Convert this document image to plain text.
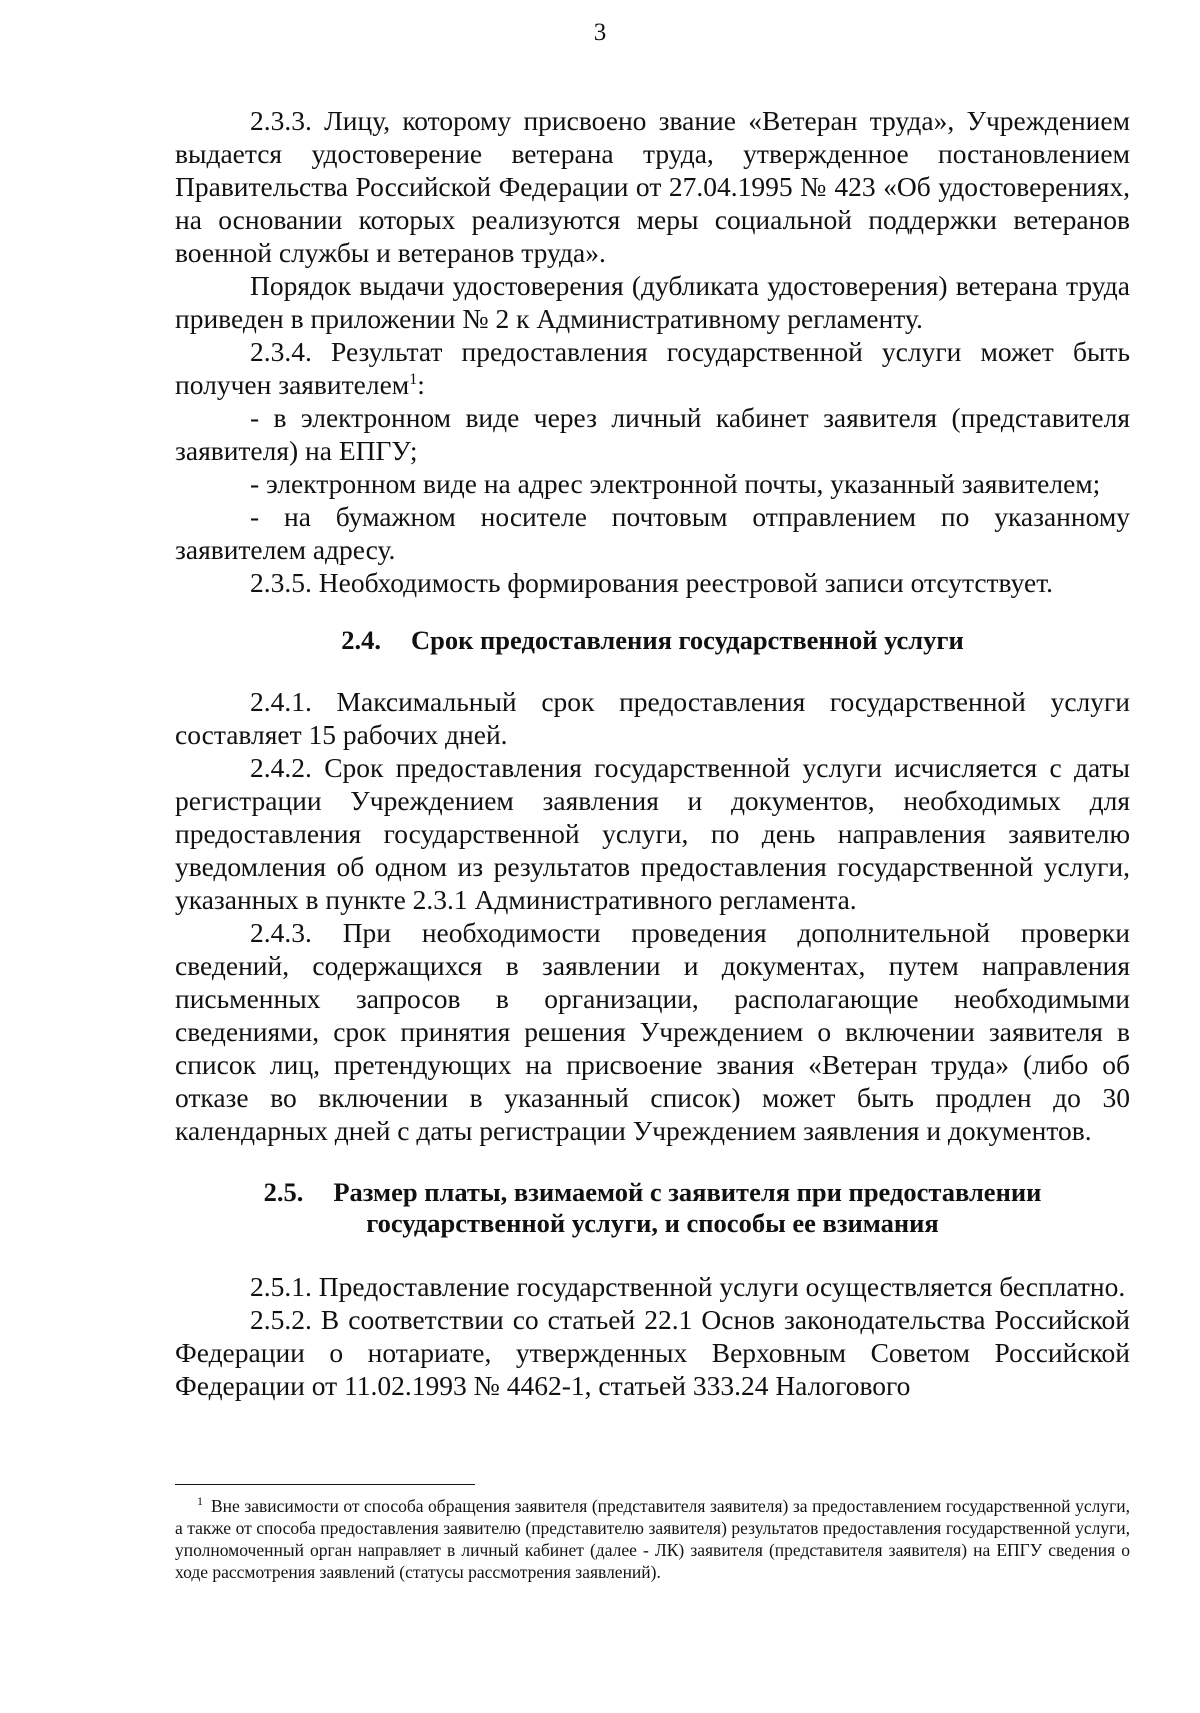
3

2.3.3. Лицу, которому присвоено звание «Ветеран труда», Учреждением выдается удостоверение ветерана труда, утвержденное постановлением Правительства Российской Федерации от 27.04.1995 № 423 «Об удостоверениях, на основании которых реализуются меры социальной поддержки ветеранов военной службы и ветеранов труда».

Порядок выдачи удостоверения (дубликата удостоверения) ветерана труда приведен в приложении № 2 к Административному регламенту.

2.3.4. Результат предоставления государственной услуги может быть получен заявителем$^1$:

- в электронном виде через личный кабинет заявителя (представителя заявителя) на ЕПГУ;

- электронном виде на адрес электронной почты, указанный заявителем;

- на бумажном носителе почтовым отправлением по указанному заявителем адресу.

2.3.5. Необходимость формирования реестровой записи отсутствует.

2.4. Срок предоставления государственной услуги

2.4.1. Максимальный срок предоставления государственной услуги составляет 15 рабочих дней.

2.4.2. Срок предоставления государственной услуги исчисляется с даты регистрации Учреждением заявления и документов, необходимых для предоставления государственной услуги, по день направления заявителю уведомления об одном из результатов предоставления государственной услуги, указанных в пункте 2.3.1 Административного регламента.

2.4.3. При необходимости проведения дополнительной проверки сведений, содержащихся в заявлении и документах, путем направления письменных запросов в организации, располагающие необходимыми сведениями, срок принятия решения Учреждением о включении заявителя в список лиц, претендующих на присвоение звания «Ветеран труда» (либо об отказе во включении в указанный список) может быть продлен до 30 календарных дней с даты регистрации Учреждением заявления и документов.

2.5. Размер платы, взимаемой с заявителя при предоставлении
государственной услуги, и способы ее взимания

2.5.1. Предоставление государственной услуги осуществляется бесплатно.

2.5.2. В соответствии со статьей 22.1 Основ законодательства Российской Федерации о нотариате, утвержденных Верховным Советом Российской Федерации от 11.02.1993 № 4462-1, статьей 333.24 Налогового

$^1$ Вне зависимости от способа обращения заявителя (представителя заявителя) за предоставлением государственной услуги, а также от способа предоставления заявителю (представителю заявителя) результатов предоставления государственной услуги, уполномоченный орган направляет в личный кабинет (далее - ЛК) заявителя (представителя заявителя) на ЕПГУ сведения о ходе рассмотрения заявлений (статусы рассмотрения заявлений).
